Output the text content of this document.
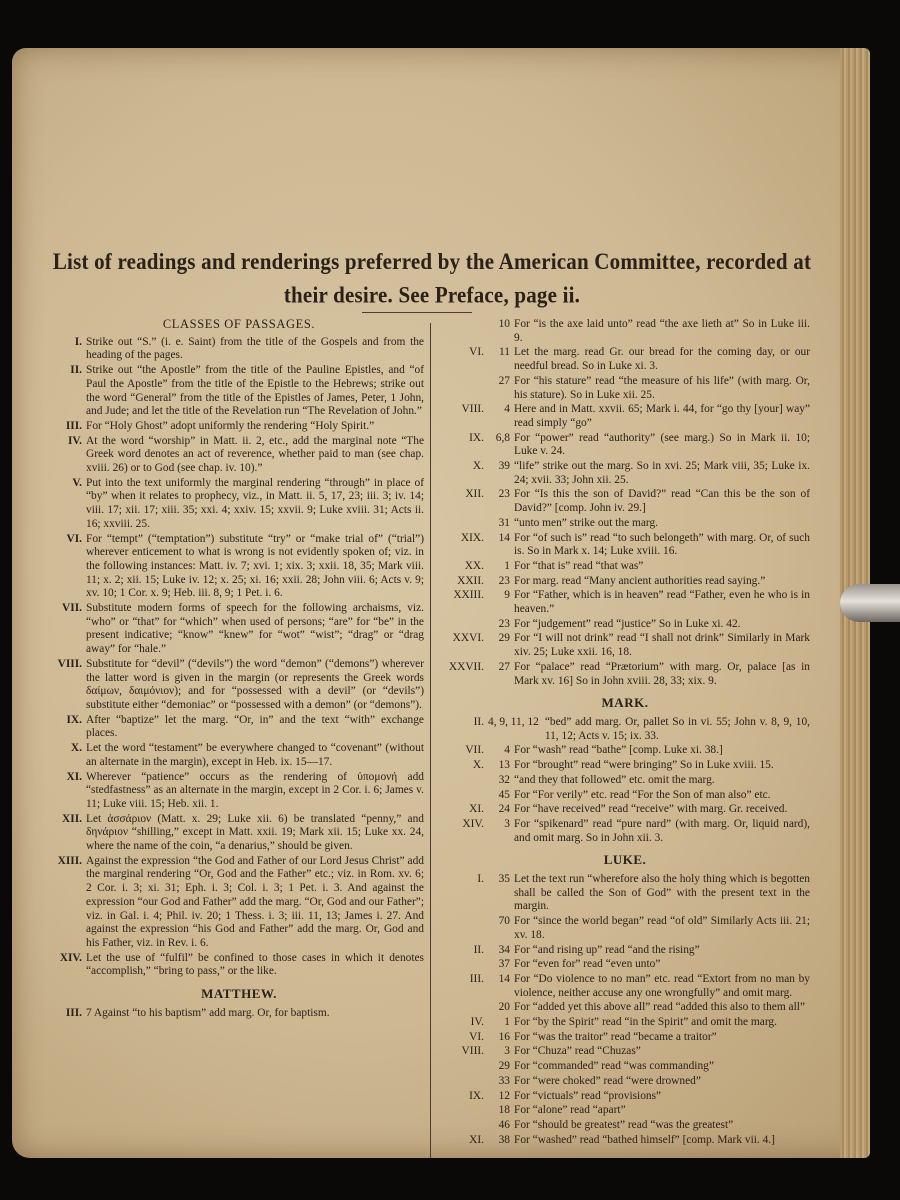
List of readings and renderings preferred by the American Committee, recorded at
their desire. See Preface, page ii.
CLASSES OF PASSAGES.
I. Strike out “S.” (i. e. Saint) from the title of the Gospels and from the heading of the pages.
II. Strike out “the Apostle” from the title of the Pauline Epistles, and “of Paul the Apostle” from the title of the Epistle to the Hebrews; strike out the word “General” from the title of the Epistles of James, Peter, 1 John, and Jude; and let the title of the Revelation run “The Revelation of John.”
III. For “Holy Ghost” adopt uniformly the rendering “Holy Spirit.”
IV. At the word “worship” in Matt. ii. 2, etc., add the marginal note “The Greek word denotes an act of reverence, whether paid to man (see chap. xviii. 26) or to God (see chap. iv. 10).”
V. Put into the text uniformly the marginal rendering “through” in place of “by” when it relates to prophecy, viz., in Matt. ii. 5, 17, 23; iii. 3; iv. 14; viii. 17; xii. 17; xiii. 35; xxi. 4; xxiv. 15; xxvii. 9; Luke xviii. 31; Acts ii. 16; xxviii. 25.
VI. For “tempt” (“temptation”) substitute “try” or “make trial of” (“trial”) wherever enticement to what is wrong is not evidently spoken of; viz. in the following instances: Matt. iv. 7; xvi. 1; xix. 3; xxii. 18, 35; Mark viii. 11; x. 2; xii. 15; Luke iv. 12; x. 25; xi. 16; xxii. 28; John viii. 6; Acts v. 9; xv. 10; 1 Cor. x. 9; Heb. iii. 8, 9; 1 Pet. i. 6.
VII. Substitute modern forms of speech for the following archaisms, viz. “who” or “that” for “which” when used of persons; “are” for “be” in the present indicative; “know” “knew” for “wot” “wist”; “drag” or “drag away” for “hale.”
VIII. Substitute for “devil” (“devils”) the word “demon” (“demons”) wherever the latter word is given in the margin (or represents the Greek words δαίμων, δαιμόνιον); and for “possessed with a devil” (or “devils”) substitute either “demoniac” or “possessed with a demon” (or “demons”).
IX. After “baptize” let the marg. “Or, in” and the text “with” exchange places.
X. Let the word “testament” be everywhere changed to “covenant” (without an alternate in the margin), except in Heb. ix. 15—17.
XI. Wherever “patience” occurs as the rendering of ὑπομονή add “stedfastness” as an alternate in the margin, except in 2 Cor. i. 6; James v. 11; Luke viii. 15; Heb. xii. 1.
XII. Let ἀσσάριον (Matt. x. 29; Luke xii. 6) be translated “penny,” and δηνάριον “shilling,” except in Matt. xxii. 19; Mark xii. 15; Luke xx. 24, where the name of the coin, “a denarius,” should be given.
XIII. Against the expression “the God and Father of our Lord Jesus Christ” add the marginal rendering “Or, God and the Father” etc.; viz. in Rom. xv. 6; 2 Cor. i. 3; xi. 31; Eph. i. 3; Col. i. 3; 1 Pet. i. 3. And against the expression “our God and Father” add the marg. “Or, God and our Father”; viz. in Gal. i. 4; Phil. iv. 20; 1 Thess. i. 3; iii. 11, 13; James i. 27. And against the expression “his God and Father” add the marg. Or, God and his Father, viz. in Rev. i. 6.
XIV. Let the use of “fulfil” be confined to those cases in which it denotes “accomplish,” “bring to pass,” or the like.
MATTHEW.
III. 7 Against “to his baptism” add marg. Or, for baptism.
10 For “is the axe laid unto” read “the axe lieth at” So in Luke iii. 9.
VI.	11 Let the marg. read Gr. our bread for the coming day, or our needful bread. So in Luke xi. 3.
27 For “his stature” read “the measure of his life” (with marg. Or, his stature). So in Luke xii. 25.
VIII.	4 Here and in Matt. xxvii. 65; Mark i. 44, for “go thy [your] way” read simply “go”
IX.	6,8 For “power” read “authority” (see marg.) So in Mark ii. 10; Luke v. 24.
X.	39 “life” strike out the marg. So in xvi. 25; Mark viii, 35; Luke ix. 24; xvii. 33; John xii. 25.
XII.	23 For “Is this the son of David?” read “Can this be the son of David?” [comp. John iv. 29.]
31 “unto men” strike out the marg.
XIX.	14 For “of such is” read “to such belongeth” with marg. Or, of such is. So in Mark x. 14; Luke xviii. 16.
XX.	1 For “that is” read “that was”
XXII.	23 For marg. read “Many ancient authorities read saying.”
XXIII.	9 For “Father, which is in heaven” read “Father, even he who is in heaven.”
23 For “judgement” read “justice” So in Luke xi. 42.
XXVI.	29 For “I will not drink” read “I shall not drink” Similarly in Mark xiv. 25; Luke xxii. 16, 18.
XXVII.	27 For “palace” read “Prætorium” with marg. Or, palace [as in Mark xv. 16] So in John xviii. 28, 33; xix. 9.
MARK.
II. 4, 9, 11, 12 “bed” add marg. Or, pallet So in vi. 55; John v. 8, 9, 10, 11, 12; Acts v. 15; ix. 33.
VII.	4 For “wash” read “bathe” [comp. Luke xi. 38.]
X.	13 For “brought” read “were bringing” So in Luke xviii. 15.
32 “and they that followed” etc. omit the marg.
45 For “For verily” etc. read “For the Son of man also” etc.
XI.	24 For “have received” read “receive” with marg. Gr. received.
XIV.	3 For “spikenard” read “pure nard” (with marg. Or, liquid nard), and omit marg. So in John xii. 3.
LUKE.
I.	35 Let the text run “wherefore also the holy thing which is begotten shall be called the Son of God” with the present text in the margin.
70 For “since the world began” read “of old” Similarly Acts iii. 21; xv. 18.
II.	34 For “and rising up” read “and the rising”
37 For “even for” read “even unto”
III.	14 For “Do violence to no man” etc. read “Extort from no man by violence, neither accuse any one wrongfully” and omit marg.
20 For “added yet this above all” read “added this also to them all”
IV.	1 For “by the Spirit” read “in the Spirit” and omit the marg.
VI.	16 For “was the traitor” read “became a traitor”
VIII.	3 For “Chuza” read “Chuzas”
29 For “commanded” read “was commanding”
33 For “were choked” read “were drowned”
IX.	12 For “victuals” read “provisions”
18 For “alone” read “apart”
46 For “should be greatest” read “was the greatest”
XI.	38 For “washed” read “bathed himself” [comp. Mark vii. 4.]
